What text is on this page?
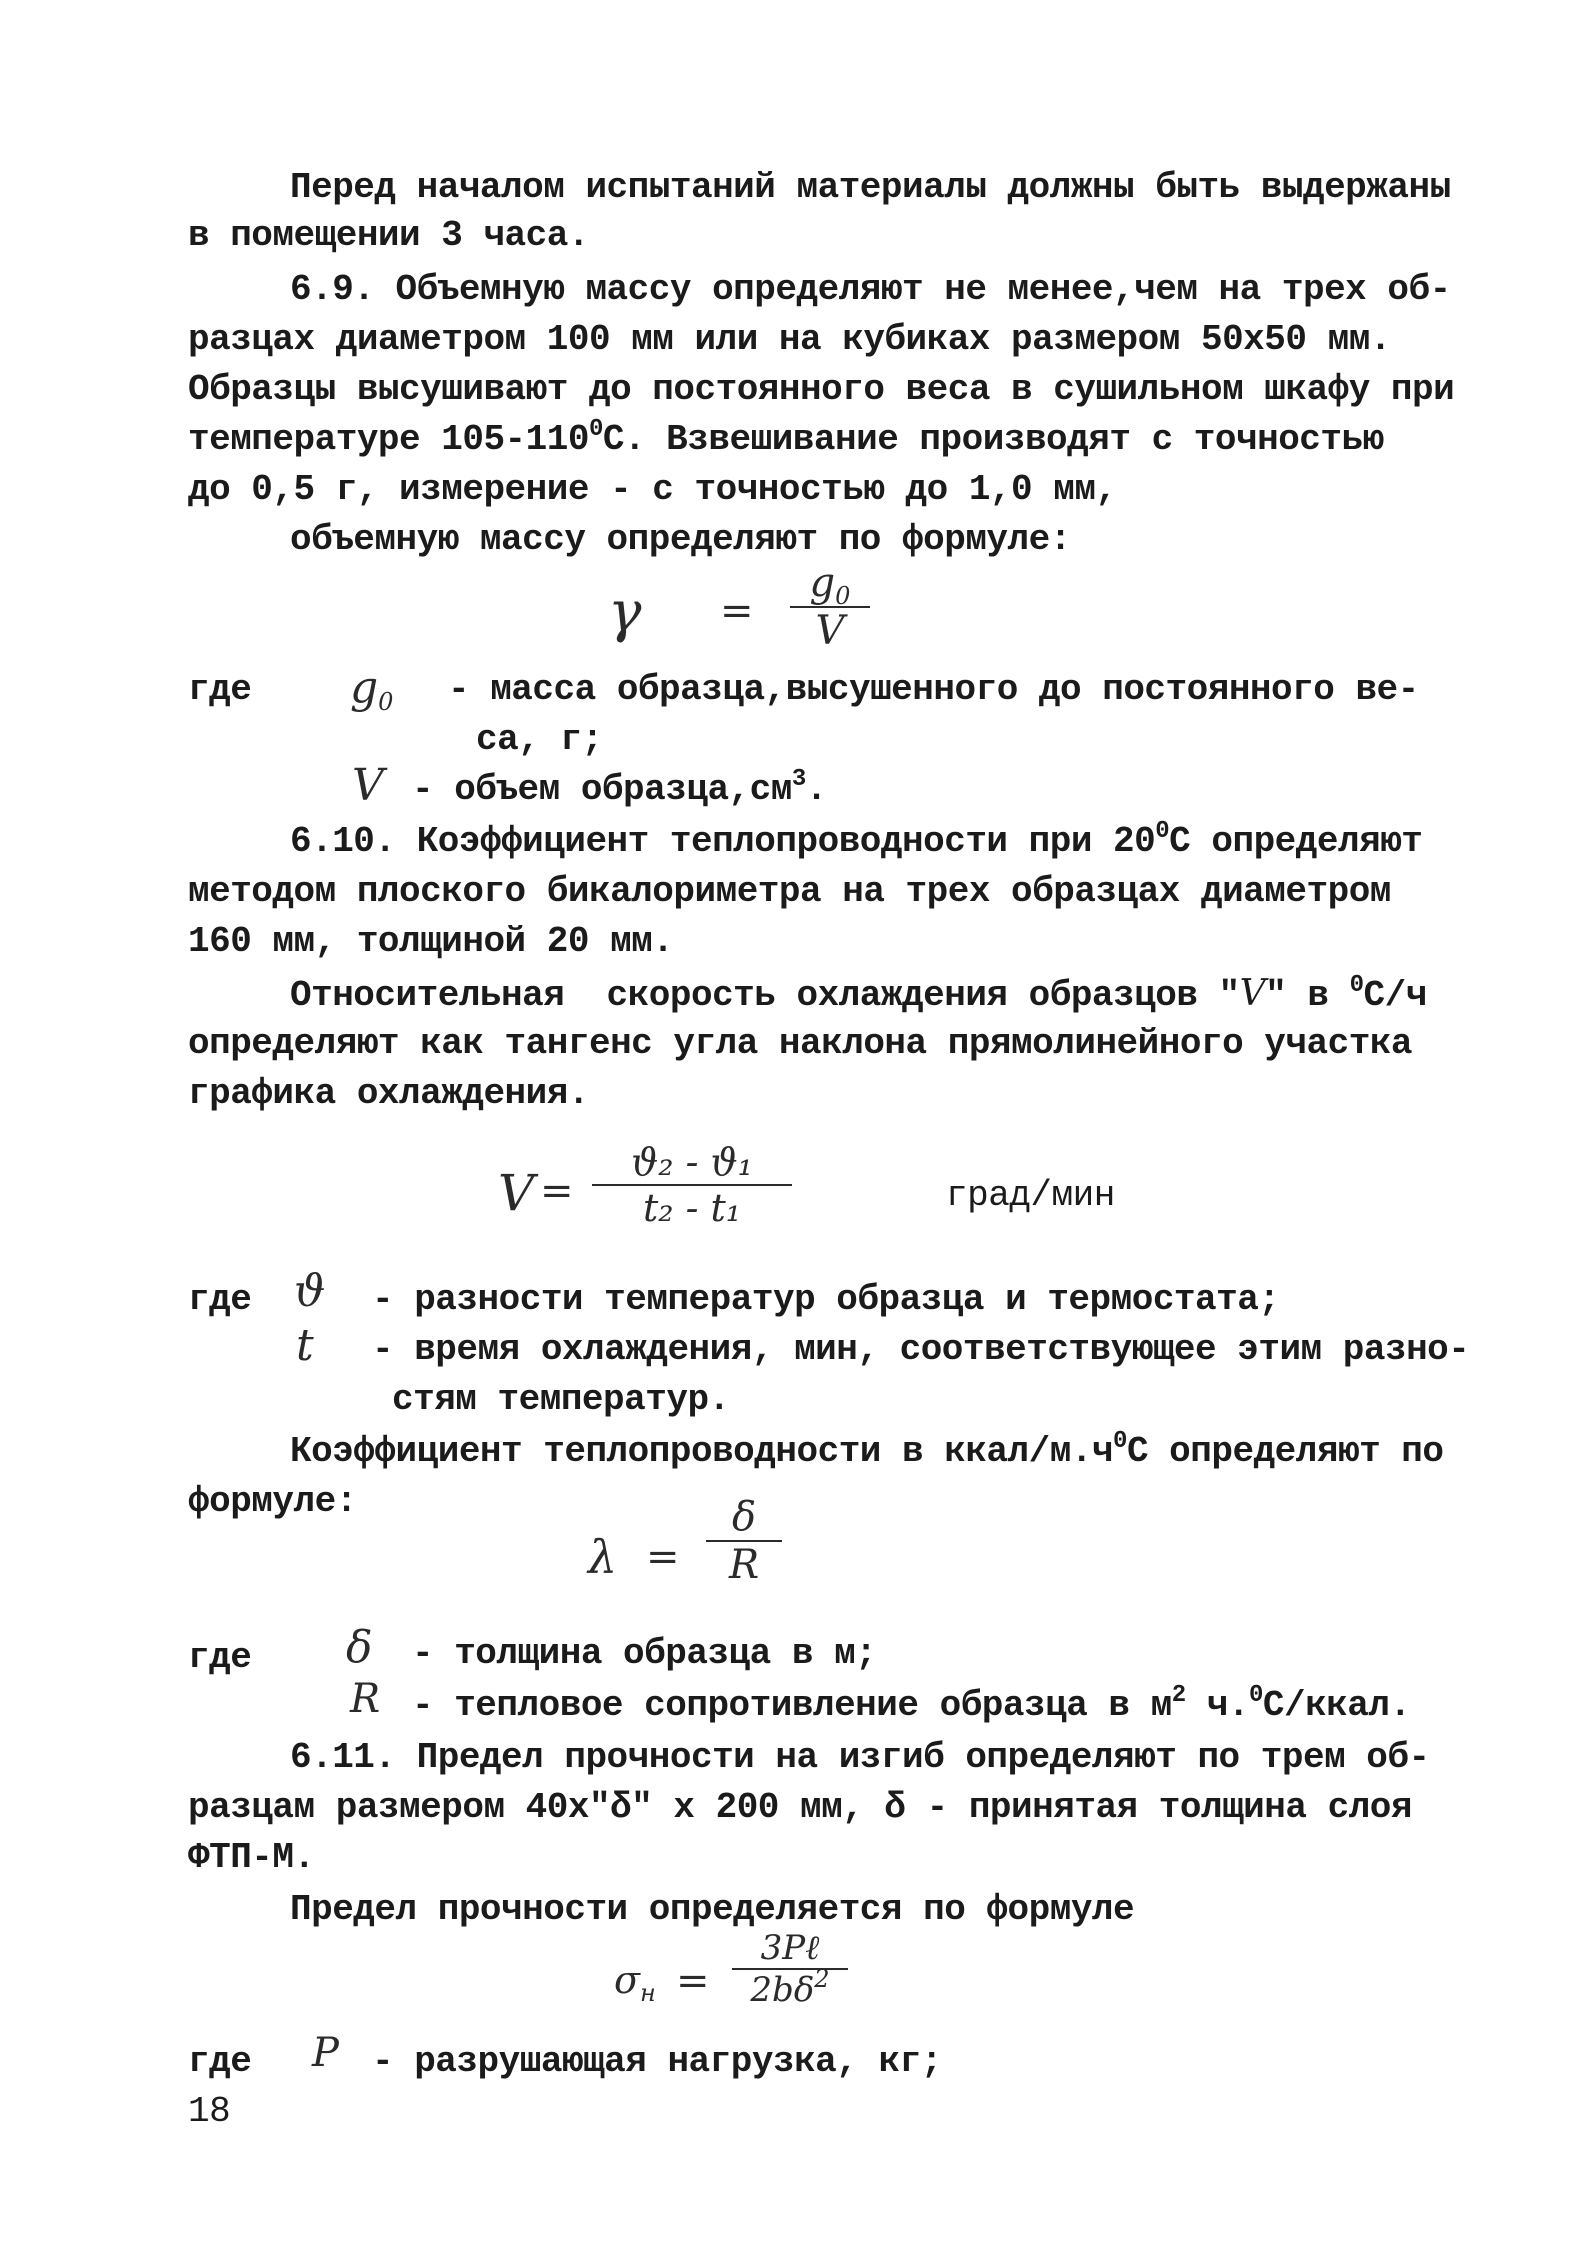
Перед началом испытаний материалы должны быть выдержаны
в помещении 3 часа.
6.9. Объемную массу определяют не менее,чем на трех об-
разцах диаметром 100 мм или на кубиках размером 50х50 мм.
Образцы высушивают до постоянного веса в сушильном шкафу при
температуре $105-110^0С$. Взвешивание производят с точностью
до 0,5 г, измерение - с точностью до 1,0 мм,
объемную массу определяют по формуле:
γ =
$g_0$
V
где $g_0$ - масса образца,высушенного до постоянного ве-
са, г;
V - объем $образца,см^3$.
6.10. Коэффициент теплопроводности при $20^0С$ определяют
методом плоского бикалориметра на трех образцах диаметром
160 мм, толщиной 20 мм.
Относительная  скорость охлаждения образцов "V" в $^0$С/ч
определяют как тангенс угла наклона прямолинейного участка
графика охлаждения.
V =
ϑ₂ - ϑ₁
t₂ - t₁	град/мин
где ϑ - разности температур образца и термостата;
t - время охлаждения, мин, соответствующее этим разно-
стям температур.
Коэффициент теплопроводности в ккал/$м.ч^0С$ определяют по
формуле:
λ =
δ
R
где δ - толщина образца в м;
R - тепловое сопротивление образца в $м^2$ ч.$^0$С/ккал.
6.11. Предел прочности на изгиб определяют по трем об-
разцам размером 40х"δ" х 200 мм, δ - принятая толщина слоя
ФТП-М.
Предел прочности определяется по формуле
$\sigma_н$ =
3Pℓ
$2b\delta^2$
где P - разрушающая нагрузка, кг;
18
